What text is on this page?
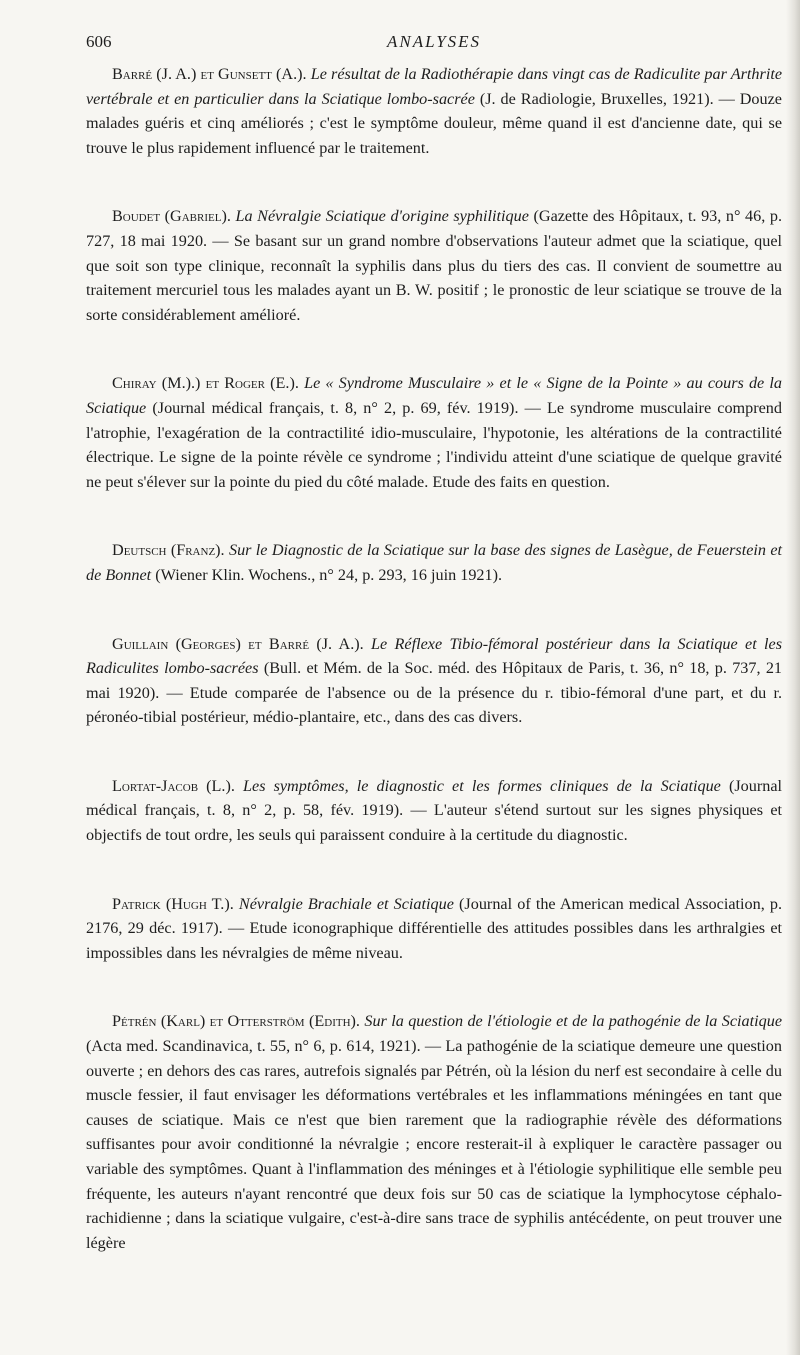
606	ANALYSES

Barré (J. A.) et Gunsett (A.). Le résultat de la Radiothérapie dans vingt cas de Radiculite par Arthrite vertébrale et en particulier dans la Sciatique lombo-sacrée (J. de Radiologie, Bruxelles, 1921). — Douze malades guéris et cinq améliorés ; c'est le symptôme douleur, même quand il est d'ancienne date, qui se trouve le plus rapidement influencé par le traitement.

Boudet (Gabriel). La Névralgie Sciatique d'origine syphilitique (Gazette des Hôpitaux, t. 93, n° 46, p. 727, 18 mai 1920. — Se basant sur un grand nombre d'observations l'auteur admet que la sciatique, quel que soit son type clinique, reconnaît la syphilis dans plus du tiers des cas. Il convient de soumettre au traitement mercuriel tous les malades ayant un B. W. positif ; le pronostic de leur sciatique se trouve de la sorte considérablement amélioré.

Chiray (M.).) et Roger (E.). Le « Syndrome Musculaire » et le « Signe de la Pointe » au cours de la Sciatique (Journal médical français, t. 8, n° 2, p. 69, fév. 1919). — Le syndrome musculaire comprend l'atrophie, l'exagération de la contractilité idio-musculaire, l'hypotonie, les altérations de la contractilité électrique. Le signe de la pointe révèle ce syndrome ; l'individu atteint d'une sciatique de quelque gravité ne peut s'élever sur la pointe du pied du côté malade. Etude des faits en question.

Deutsch (Franz). Sur le Diagnostic de la Sciatique sur la base des signes de Lasègue, de Feuerstein et de Bonnet (Wiener Klin. Wochens., n° 24, p. 293, 16 juin 1921).

Guillain (Georges) et Barré (J. A.). Le Réflexe Tibio-fémoral postérieur dans la Sciatique et les Radiculites lombo-sacrées (Bull. et Mém. de la Soc. méd. des Hôpitaux de Paris, t. 36, n° 18, p. 737, 21 mai 1920). — Etude comparée de l'absence ou de la présence du r. tibio-fémoral d'une part, et du r. péronéo-tibial postérieur, médio-plantaire, etc., dans des cas divers.

Lortat-Jacob (L.). Les symptômes, le diagnostic et les formes cliniques de la Sciatique (Journal médical français, t. 8, n° 2, p. 58, fév. 1919). — L'auteur s'étend surtout sur les signes physiques et objectifs de tout ordre, les seuls qui paraissent conduire à la certitude du diagnostic.

Patrick (Hugh T.). Névralgie Brachiale et Sciatique (Journal of the American medical Association, p. 2176, 29 déc. 1917). — Etude iconographique différentielle des attitudes possibles dans les arthralgies et impossibles dans les névralgies de même niveau.

Pétrén (Karl) et Otterström (Edith). Sur la question de l'étiologie et de la pathogénie de la Sciatique (Acta med. Scandinavica, t. 55, n° 6, p. 614, 1921). — La pathogénie de la sciatique demeure une question ouverte ; en dehors des cas rares, autrefois signalés par Pétrén, où la lésion du nerf est secondaire à celle du muscle fessier, il faut envisager les déformations vertébrales et les inflammations méningées en tant que causes de sciatique. Mais ce n'est que bien rarement que la radiographie révèle des déformations suffisantes pour avoir conditionné la névralgie ; encore resterait-il à expliquer le caractère passager ou variable des symptômes. Quant à l'inflammation des méninges et à l'étiologie syphilitique elle semble peu fréquente, les auteurs n'ayant rencontré que deux fois sur 50 cas de sciatique la lymphocytose céphalo-rachidienne ; dans la sciatique vulgaire, c'est-à-dire sans trace de syphilis antécédente, on peut trouver une légère
